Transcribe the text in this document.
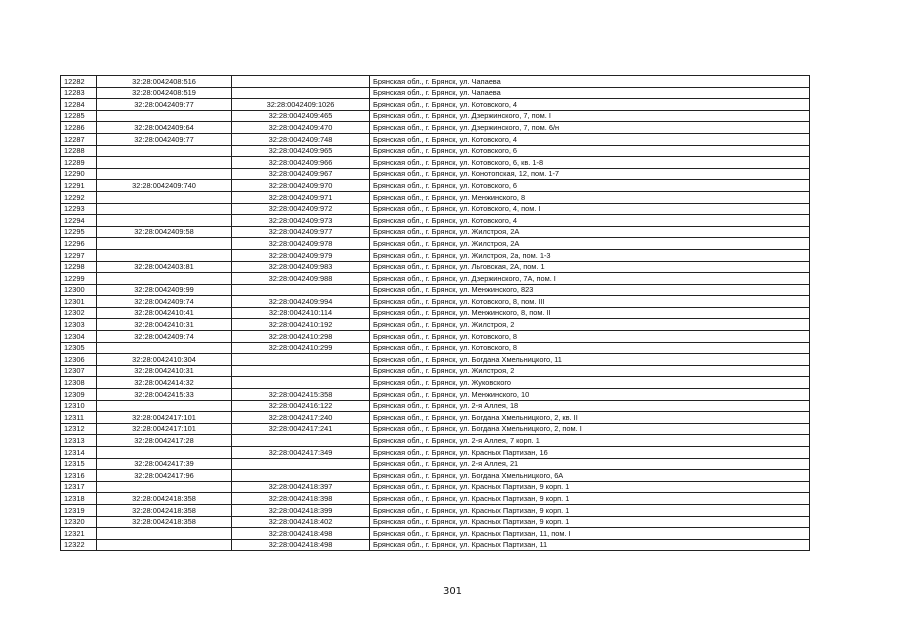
12282	32:28:0042408:516		Брянская обл., г. Брянск, ул. Чапаева
12283	32:28:0042408:519		Брянская обл., г. Брянск, ул. Чапаева
12284	32:28:0042409:77	32:28:0042409:1026	Брянская обл., г. Брянск, ул. Котовского, 4
12285		32:28:0042409:465	Брянская обл., г. Брянск, ул. Дзержинского, 7, пом. I
12286	32:28:0042409:64	32:28:0042409:470	Брянская обл., г. Брянск, ул. Дзержинского, 7, пом. 6/н
12287	32:28:0042409:77	32:28:0042409:748	Брянская обл., г. Брянск, ул. Котовского, 4
12288		32:28:0042409:965	Брянская обл., г. Брянск, ул. Котовского, 6
12289		32:28:0042409:966	Брянская обл., г. Брянск, ул. Котовского, 6, кв. 1-8
12290		32:28:0042409:967	Брянская обл., г. Брянск, ул. Конотопская, 12, пом. 1-7
12291	32:28:0042409:740	32:28:0042409:970	Брянская обл., г. Брянск, ул. Котовского, 6
12292		32:28:0042409:971	Брянская обл., г. Брянск, ул. Менжинского, 8
12293		32:28:0042409:972	Брянская обл., г. Брянск, ул. Котовского, 4, пом. I
12294		32:28:0042409:973	Брянская обл., г. Брянск, ул. Котовского, 4
12295	32:28:0042409:58	32:28:0042409:977	Брянская обл., г. Брянск, ул. Жилстроя, 2А
12296		32:28:0042409:978	Брянская обл., г. Брянск, ул. Жилстроя, 2А
12297		32:28:0042409:979	Брянская обл., г. Брянск, ул. Жилстроя, 2а, пом. 1-3
12298	32:28:0042403:81	32:28:0042409:983	Брянская обл., г. Брянск, ул. Льговская, 2А, пом. 1
12299		32:28:0042409:988	Брянская обл., г. Брянск, ул. Дзержинского, 7А, пом. I
12300	32:28:0042409:99		Брянская обл., г. Брянск, ул. Менжинского, 823
12301	32:28:0042409:74	32:28:0042409:994	Брянская обл., г. Брянск, ул. Котовского, 8, пом. III
12302	32:28:0042410:41	32:28:0042410:114	Брянская обл., г. Брянск, ул. Менжинского, 8, пом. II
12303	32:28:0042410:31	32:28:0042410:192	Брянская обл., г. Брянск, ул. Жилстроя, 2
12304	32:28:0042409:74	32:28:0042410:298	Брянская обл., г. Брянск, ул. Котовского, 8
12305		32:28:0042410:299	Брянская обл., г. Брянск, ул. Котовского, 8
12306	32:28:0042410:304		Брянская обл., г. Брянск, ул. Богдана Хмельницкого, 11
12307	32:28:0042410:31		Брянская обл., г. Брянск, ул. Жилстроя, 2
12308	32:28:0042414:32		Брянская обл., г. Брянск, ул. Жуковского
12309	32:28:0042415:33	32:28:0042415:358	Брянская обл., г. Брянск, ул. Менжинского, 10
12310		32:28:0042416:122	Брянская обл., г. Брянск, ул. 2-я Аллея, 18
12311	32:28:0042417:101	32:28:0042417:240	Брянская обл., г. Брянск, ул. Богдана Хмельницкого, 2, кв. II
12312	32:28:0042417:101	32:28:0042417:241	Брянская обл., г. Брянск, ул. Богдана Хмельницкого, 2, пом. I
12313	32:28:0042417:28		Брянская обл., г. Брянск, ул. 2-я Аллея, 7 корп. 1
12314		32:28:0042417:349	Брянская обл., г. Брянск, ул. Красных Партизан, 16
12315	32:28:0042417:39		Брянская обл., г. Брянск, ул. 2-я Аллея, 21
12316	32:28:0042417:96		Брянская обл., г. Брянск, ул. Богдана Хмельницкого, 6А
12317		32:28:0042418:397	Брянская обл., г. Брянск, ул. Красных Партизан, 9 корп. 1
12318	32:28:0042418:358	32:28:0042418:398	Брянская обл., г. Брянск, ул. Красных Партизан, 9 корп. 1
12319	32:28:0042418:358	32:28:0042418:399	Брянская обл., г. Брянск, ул. Красных Партизан, 9 корп. 1
12320	32:28:0042418:358	32:28:0042418:402	Брянская обл., г. Брянск, ул. Красных Партизан, 9 корп. 1
12321		32:28:0042418:498	Брянская обл., г. Брянск, ул. Красных Партизан, 11, пом. I
12322		32:28:0042418:498	Брянская обл., г. Брянск, ул. Красных Партизан, 11
301
